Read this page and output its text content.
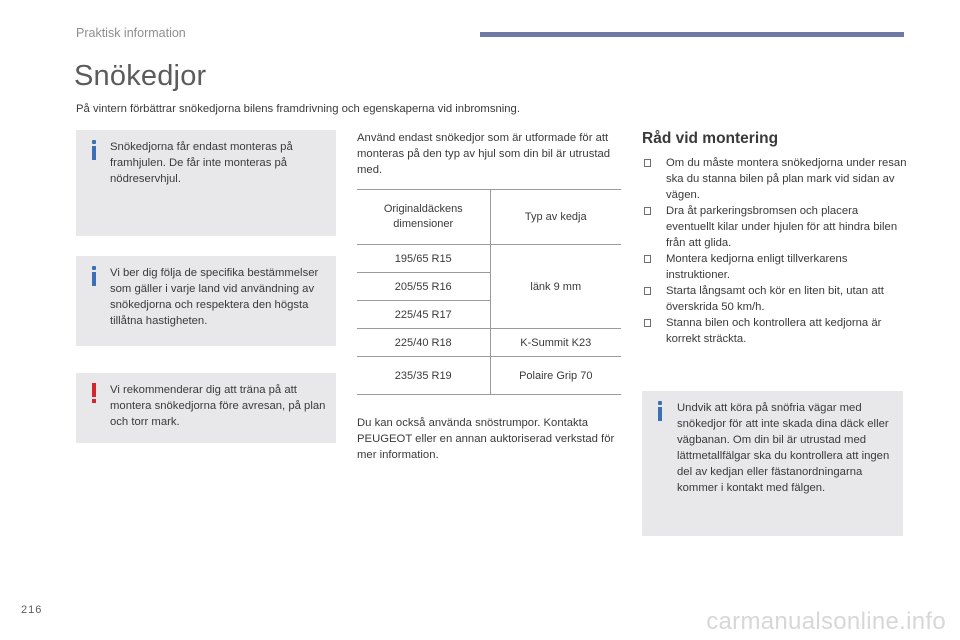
Praktisk information
Snökedjor

På vintern förbättrar snökedjorna bilens framdrivning och egenskaperna vid inbromsning.

Snökedjorna får endast monteras på framhjulen. De får inte monteras på nödreservhjul.
Vi ber dig följa de specifika bestämmelser som gäller i varje land vid användning av snökedjorna och respektera den högsta tillåtna hastigheten.
Vi rekommenderar dig att träna på att montera snökedjorna före avresan, på plan och torr mark.

Använd endast snökedjor som är utformade för att monteras på den typ av hjul som din bil är utrustad med.

Originaldäckens dimensioner	Typ av kedja
195/65 R15	länk 9 mm
205/55 R16	
225/45 R17	
225/40 R18	K-Summit K23
235/35 R19	Polaire Grip 70

Du kan också använda snöstrumpor. Kontakta PEUGEOT eller en annan auktoriserad verkstad för mer information.

Råd vid montering
Om du måste montera snökedjorna under resan ska du stanna bilen på plan mark vid sidan av vägen.
Dra åt parkeringsbromsen och placera eventuellt kilar under hjulen för att hindra bilen från att glida.
Montera kedjorna enligt tillverkarens instruktioner.
Starta långsamt och kör en liten bit, utan att överskrida 50 km/h.
Stanna bilen och kontrollera att kedjorna är korrekt sträckta.
Undvik att köra på snöfria vägar med snökedjor för att inte skada dina däck eller vägbanan. Om din bil är utrustad med lättmetallfälgar ska du kontrollera att ingen del av kedjan eller fästanordningarna kommer i kontakt med fälgen.
216	carmanualsonline.info
